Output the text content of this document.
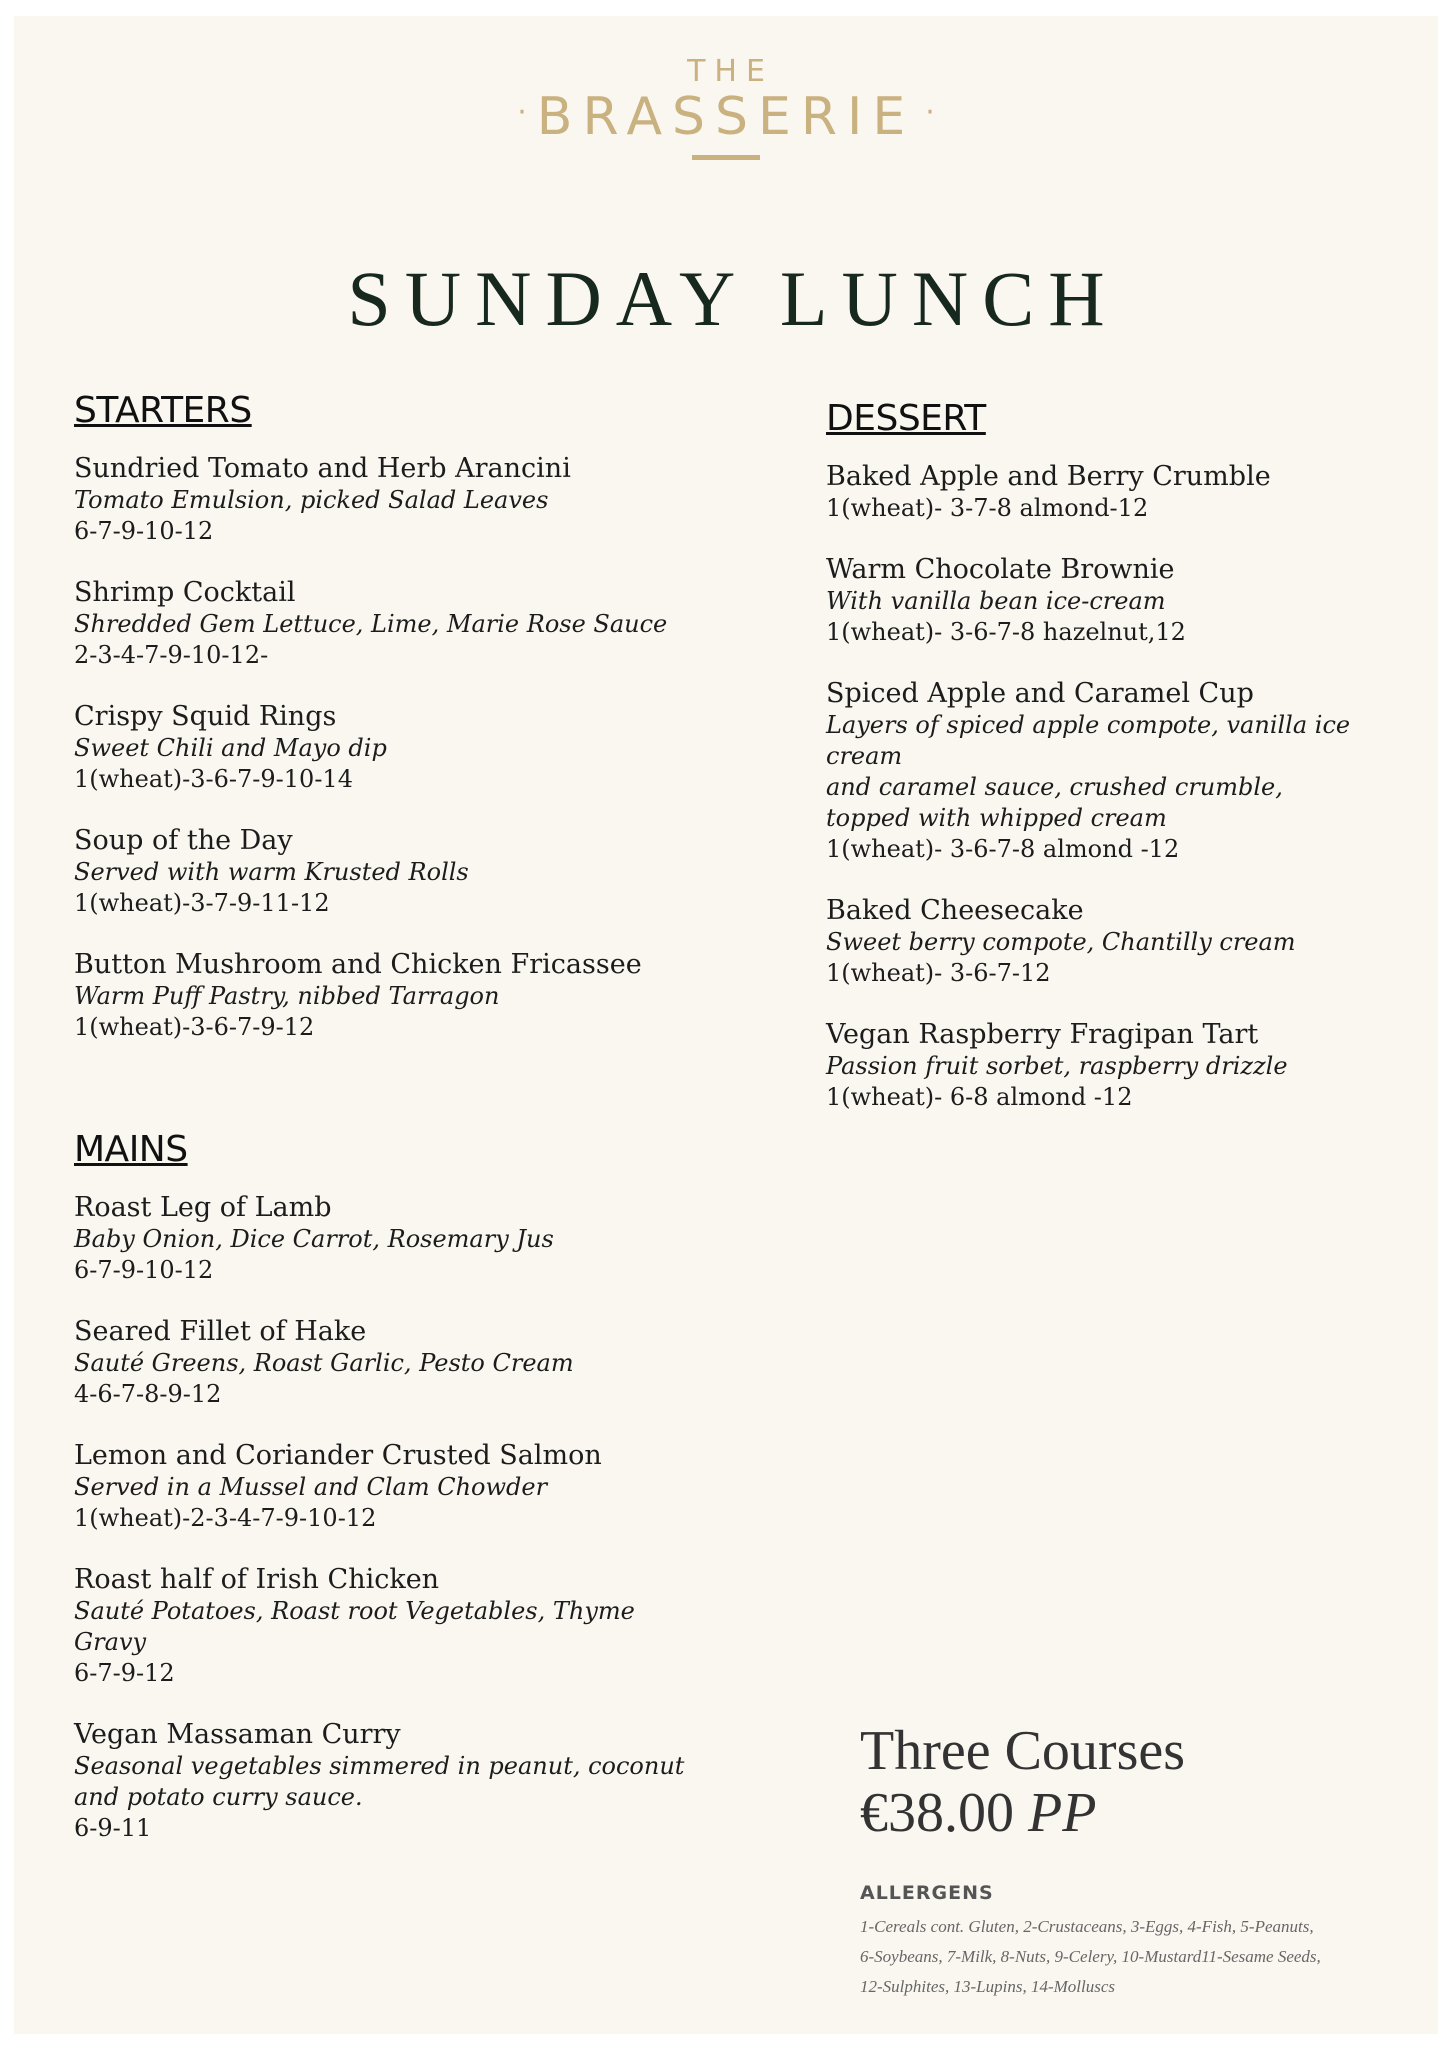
THE
· BRASSERIE ·
SUNDAY LUNCH
STARTERS
Sundried Tomato and Herb Arancini
Tomato Emulsion, picked Salad Leaves
6-7-9-10-12
Shrimp Cocktail
Shredded Gem Lettuce, Lime, Marie Rose Sauce
2-3-4-7-9-10-12-
Crispy Squid Rings
Sweet Chili and Mayo dip
1(wheat)-3-6-7-9-10-14
Soup of the Day
Served with warm Krusted Rolls
1(wheat)-3-7-9-11-12
Button Mushroom and Chicken Fricassee
Warm Puff Pastry, nibbed Tarragon
1(wheat)-3-6-7-9-12
MAINS
Roast Leg of Lamb
Baby Onion, Dice Carrot, Rosemary Jus
6-7-9-10-12
Seared Fillet of Hake
Sauté Greens, Roast Garlic, Pesto Cream
4-6-7-8-9-12
Lemon and Coriander Crusted Salmon
Served in a Mussel and Clam Chowder
1(wheat)-2-3-4-7-9-10-12
Roast half of Irish Chicken
Sauté Potatoes, Roast root Vegetables, Thyme Gravy
6-7-9-12
Vegan Massaman Curry
Seasonal vegetables simmered in peanut, coconut and potato curry sauce.
6-9-11
DESSERT
Baked Apple and Berry Crumble
1(wheat)- 3-7-8 almond-12
Warm Chocolate Brownie
With vanilla bean ice-cream
1(wheat)- 3-6-7-8 hazelnut,12
Spiced Apple and Caramel Cup
Layers of spiced apple compote, vanilla ice cream
and caramel sauce, crushed crumble,
topped with whipped cream
1(wheat)- 3-6-7-8 almond -12
Baked Cheesecake
Sweet berry compote, Chantilly cream
1(wheat)- 3-6-7-12
Vegan Raspberry Fragipan Tart
Passion fruit sorbet, raspberry drizzle
1(wheat)- 6-8 almond -12
Three Courses
€38.00 PP
ALLERGENS
1-Cereals cont. Gluten, 2-Crustaceans, 3-Eggs, 4-Fish, 5-Peanuts,
6-Soybeans, 7-Milk, 8-Nuts, 9-Celery, 10-Mustard11-Sesame Seeds,
12-Sulphites, 13-Lupins, 14-Molluscs
